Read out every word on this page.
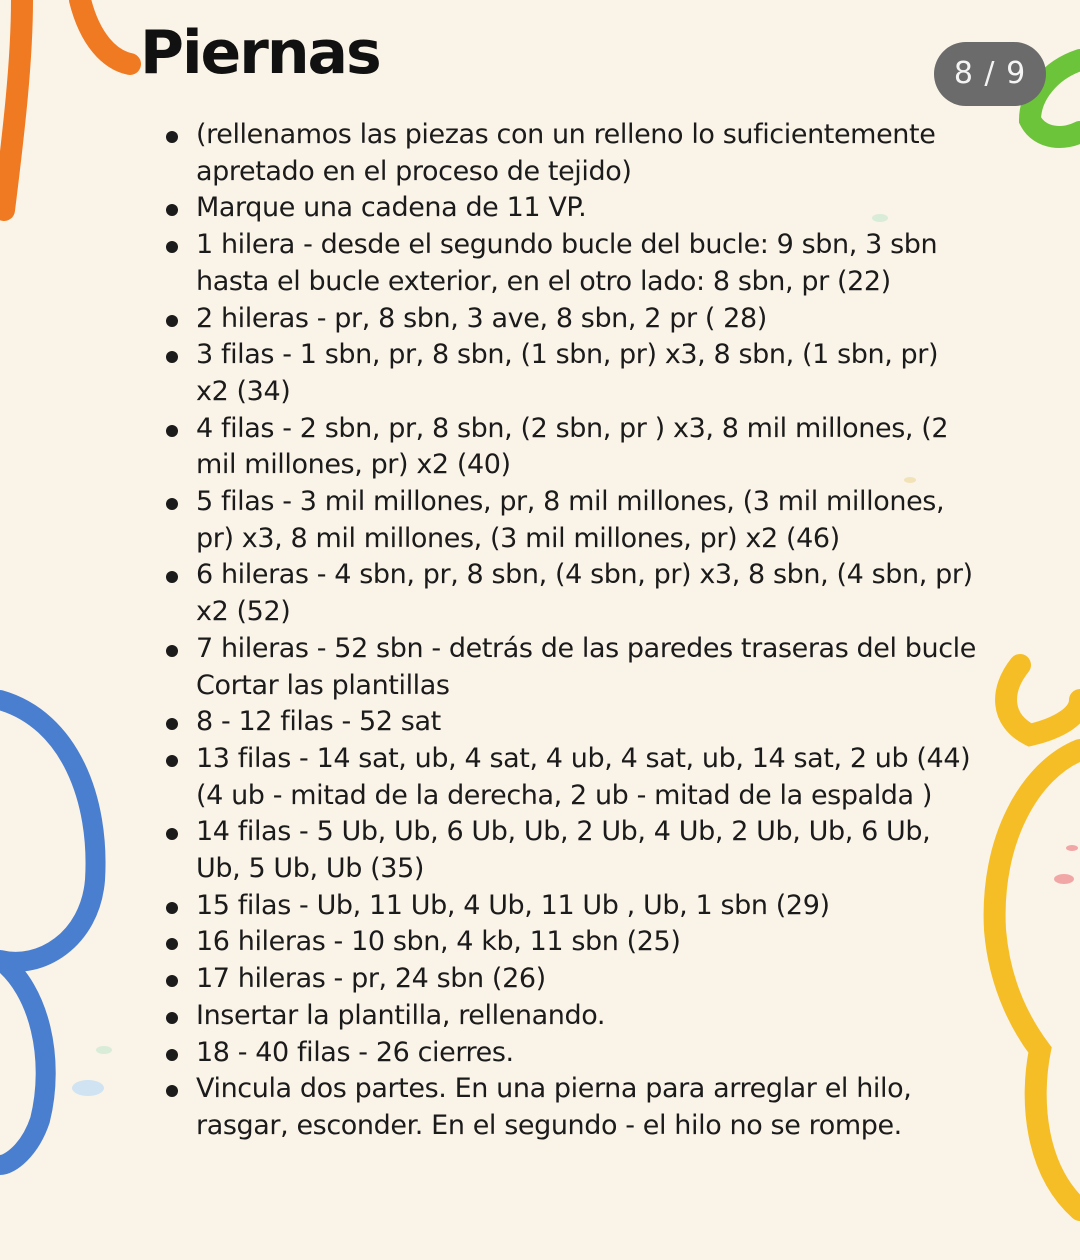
Piernas	8 / 9
(rellenamos las piezas con un relleno lo suficientemente apretado en el proceso de tejido)
Marque una cadena de 11 VP.
1 hilera - desde el segundo bucle del bucle: 9 sbn, 3 sbn hasta el bucle exterior, en el otro lado: 8 sbn, pr (22)
2 hileras - pr, 8 sbn, 3 ave, 8 sbn, 2 pr ( 28)
3 filas - 1 sbn, pr, 8 sbn, (1 sbn, pr) x3, 8 sbn, (1 sbn, pr) x2 (34)
4 filas - 2 sbn, pr, 8 sbn, (2 sbn, pr ) x3, 8 mil millones, (2 mil millones, pr) x2 (40)
5 filas - 3 mil millones, pr, 8 mil millones, (3 mil millones, pr) x3, 8 mil millones, (3 mil millones, pr) x2 (46)
6 hileras - 4 sbn, pr, 8 sbn, (4 sbn, pr) x3, 8 sbn, (4 sbn, pr) x2 (52)
7 hileras - 52 sbn - detrás de las paredes traseras del bucle Cortar las plantillas
8 - 12 filas - 52 sat
13 filas - 14 sat, ub, 4 sat, 4 ub, 4 sat, ub, 14 sat, 2 ub (44) (4 ub - mitad de la derecha, 2 ub - mitad de la espalda )
14 filas - 5 Ub, Ub, 6 Ub, Ub, 2 Ub, 4 Ub, 2 Ub, Ub, 6 Ub, Ub, 5 Ub, Ub (35)
15 filas - Ub, 11 Ub, 4 Ub, 11 Ub , Ub, 1 sbn (29)
16 hileras - 10 sbn, 4 kb, 11 sbn (25)
17 hileras - pr, 24 sbn (26)
Insertar la plantilla, rellenando.
18 - 40 filas - 26 cierres.
Vincula dos partes. En una pierna para arreglar el hilo, rasgar, esconder. En el segundo - el hilo no se rompe.
